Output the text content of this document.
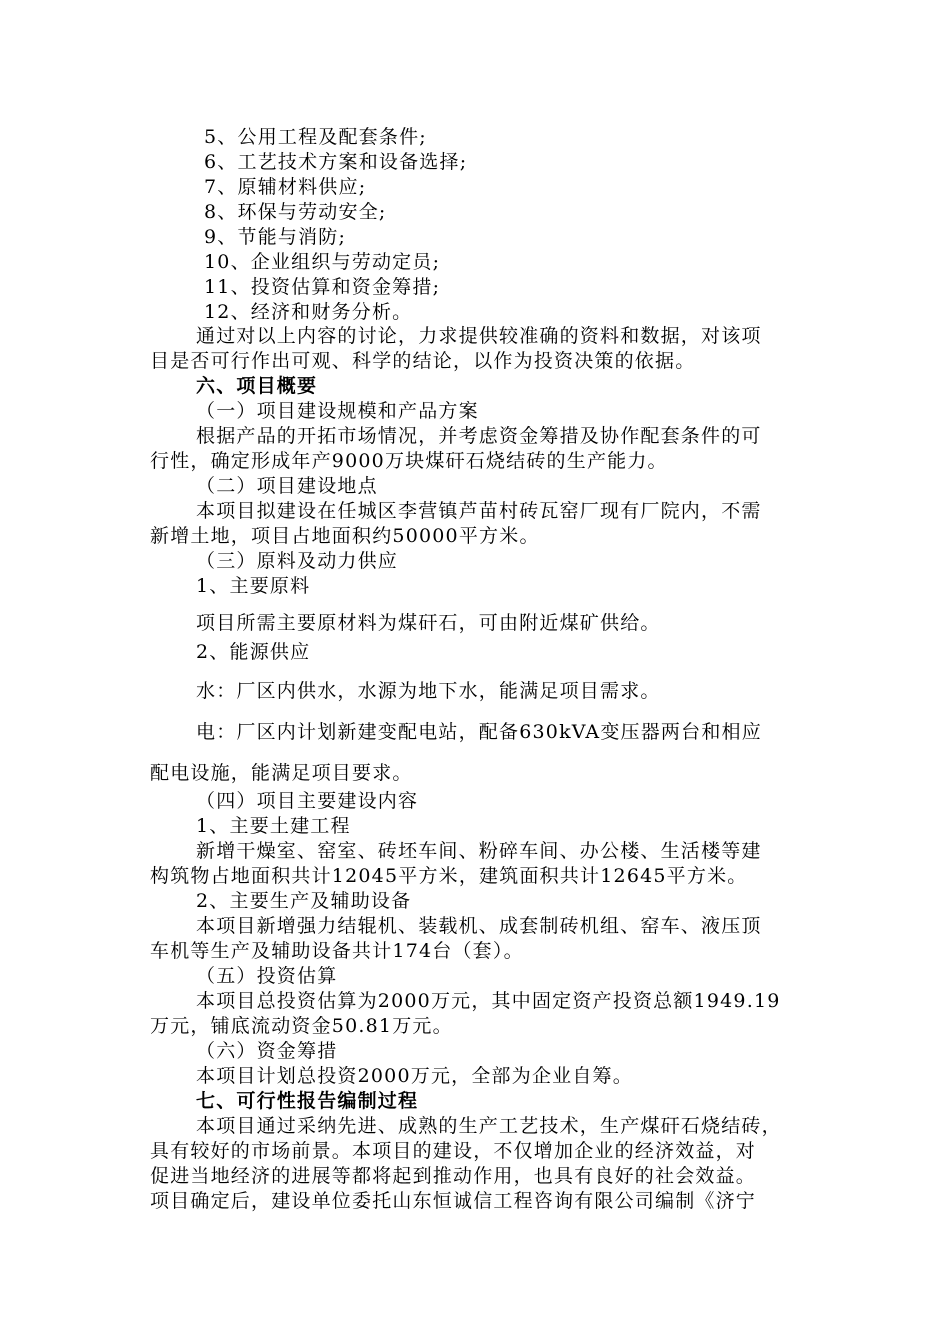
5、公用工程及配套条件;
6、工艺技术方案和设备选择;
7、原辅材料供应;
8、环保与劳动安全;
9、节能与消防;
10、企业组织与劳动定员;
11、投资估算和资金筹措;
12、经济和财务分析。
通过对以上内容的讨论，力求提供较准确的资料和数据，对该项
目是否可行作出可观、科学的结论，以作为投资决策的依据。
六、项目概要
（一）项目建设规模和产品方案
根据产品的开拓市场情况，并考虑资金筹措及协作配套条件的可
行性，确定形成年产9000万块煤矸石烧结砖的生产能力。
（二）项目建设地点
本项目拟建设在任城区李营镇芦苗村砖瓦窑厂现有厂院内，不需
新增土地，项目占地面积约50000平方米。
（三）原料及动力供应
1、主要原料
项目所需主要原材料为煤矸石，可由附近煤矿供给。
2、能源供应
水：厂区内供水，水源为地下水，能满足项目需求。
电：厂区内计划新建变配电站，配备630kVA变压器两台和相应
配电设施，能满足项目要求。
（四）项目主要建设内容
1、主要土建工程
新增干燥室、窑室、砖坯车间、粉碎车间、办公楼、生活楼等建
构筑物占地面积共计12045平方米，建筑面积共计12645平方米。
2、主要生产及辅助设备
本项目新增强力结辊机、装载机、成套制砖机组、窑车、液压顶
车机等生产及辅助设备共计174台（套）。
（五）投资估算
本项目总投资估算为2000万元，其中固定资产投资总额1949.19
万元，铺底流动资金50.81万元。
（六）资金筹措
本项目计划总投资2000万元，全部为企业自筹。
七、可行性报告编制过程
本项目通过采纳先进、成熟的生产工艺技术，生产煤矸石烧结砖，
具有较好的市场前景。本项目的建设，不仅增加企业的经济效益，对
促进当地经济的进展等都将起到推动作用，也具有良好的社会效益。
项目确定后，建设单位委托山东恒诚信工程咨询有限公司编制《济宁
